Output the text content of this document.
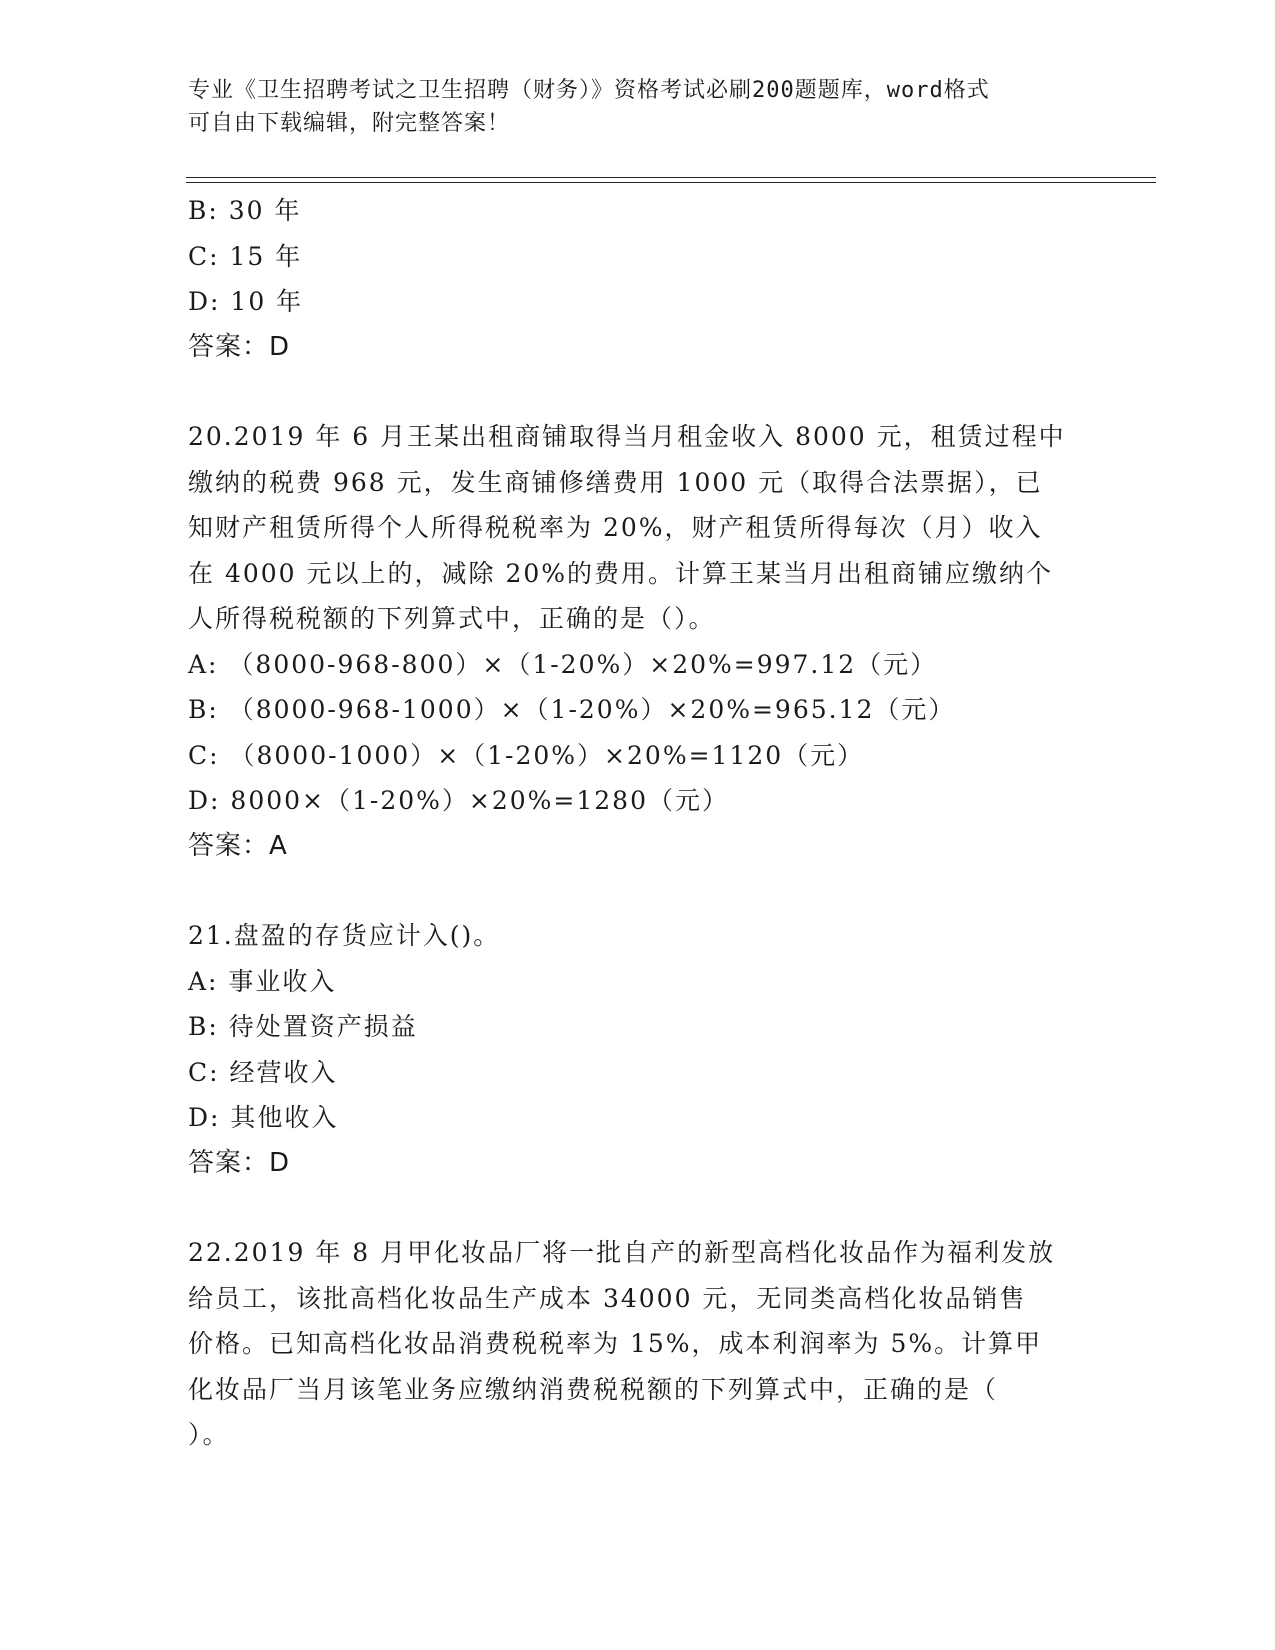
专业《卫生招聘考试之卫生招聘（财务）》资格考试必刷200题题库，word格式
可自由下载编辑，附完整答案！
B: 30 年
C: 15 年
D: 10 年
答案：D
20.2019 年 6 月王某出租商铺取得当月租金收入 8000 元，租赁过程中
缴纳的税费 968 元，发生商铺修缮费用 1000 元（取得合法票据），已
知财产租赁所得个人所得税税率为 20%，财产租赁所得每次（月）收入
在 4000 元以上的，减除 20%的费用。计算王某当月出租商铺应缴纳个
人所得税税额的下列算式中，正确的是（）。
A: （8000-968-800）×（1-20%）×20%=997.12（元）
B: （8000-968-1000）×（1-20%）×20%=965.12（元）
C: （8000-1000）×（1-20%）×20%=1120（元）
D: 8000×（1-20%）×20%=1280（元）
答案：A
21.盘盈的存货应计入()。
A: 事业收入
B: 待处置资产损益
C: 经营收入
D: 其他收入
答案：D
22.2019 年 8 月甲化妆品厂将一批自产的新型高档化妆品作为福利发放
给员工，该批高档化妆品生产成本 34000 元，无同类高档化妆品销售
价格。已知高档化妆品消费税税率为 15%，成本利润率为 5%。计算甲
化妆品厂当月该笔业务应缴纳消费税税额的下列算式中，正确的是（
）。
